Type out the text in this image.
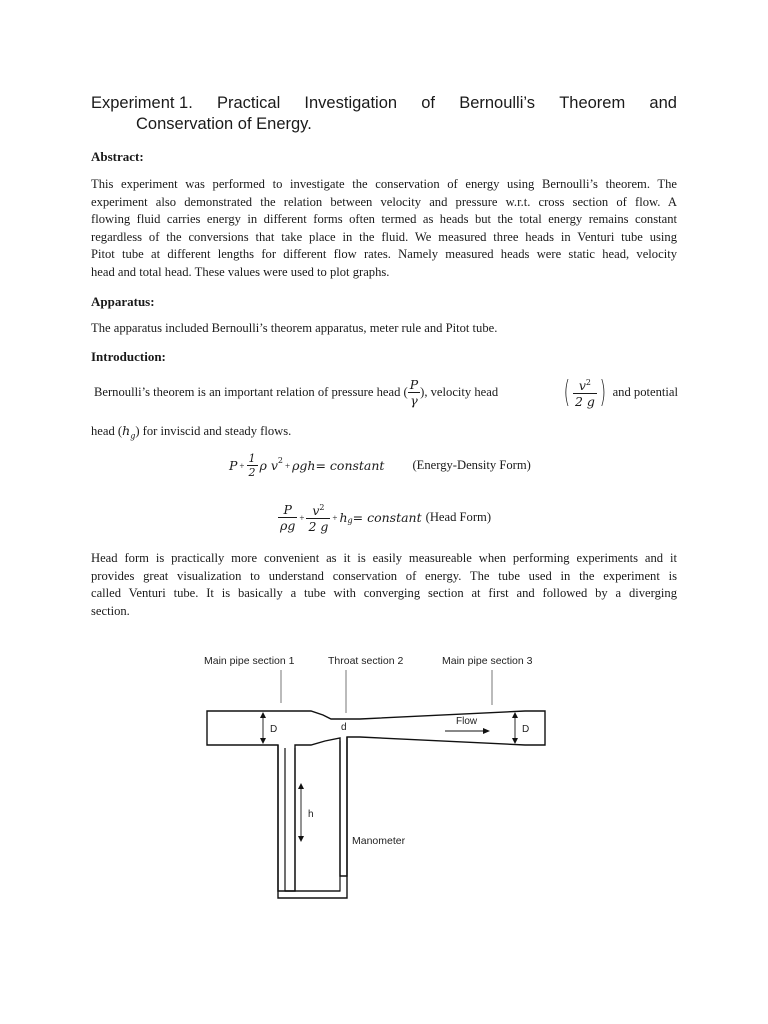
Experiment 1. Practical Investigation of Bernoulli’s Theorem and
Conservation of Energy.
Abstract:
This experiment was performed to investigate the conservation of energy using Bernoulli’s theorem. The
experiment also demonstrated the relation between velocity and pressure w.r.t. cross section of flow. A
flowing fluid carries energy in different forms often termed as heads but the total energy remains constant
regardless of the conversions that take place in the fluid. We measured three heads in Venturi tube using
Pitot tube at different lengths for different flow rates. Namely measured heads were static head, velocity
head and total head. These values were used to plot graphs.
Apparatus:
The apparatus included Bernoulli’s theorem apparatus, meter rule and Pitot tube.
Introduction:
Bernoulli’s theorem is an important relation of pressure head ( $\frac{P}{\gamma}$ ), velocity head ( $\frac{v^2}{2 g}$ ) and potential
head $(h_g)$ for inviscid and steady flows.
$P + \frac{1}{2}$ ρ $v^2 + \rho gh$ = constant (Energy-Density Form)
$\frac{P}{\rho g} + \frac{v^2}{2 g} + h_g$ = constant (Head Form)
Head form is practically more convenient as it is easily measureable when performing experiments and it
provides great visualization to understand conservation of energy. The tube used in the experiment is
called Venturi tube. It is basically a tube with converging section at first and followed by a diverging
section.
Main pipe section 1	Throat section 2	Main pipe section 3
D	d
Flow
D
h
Manometer
